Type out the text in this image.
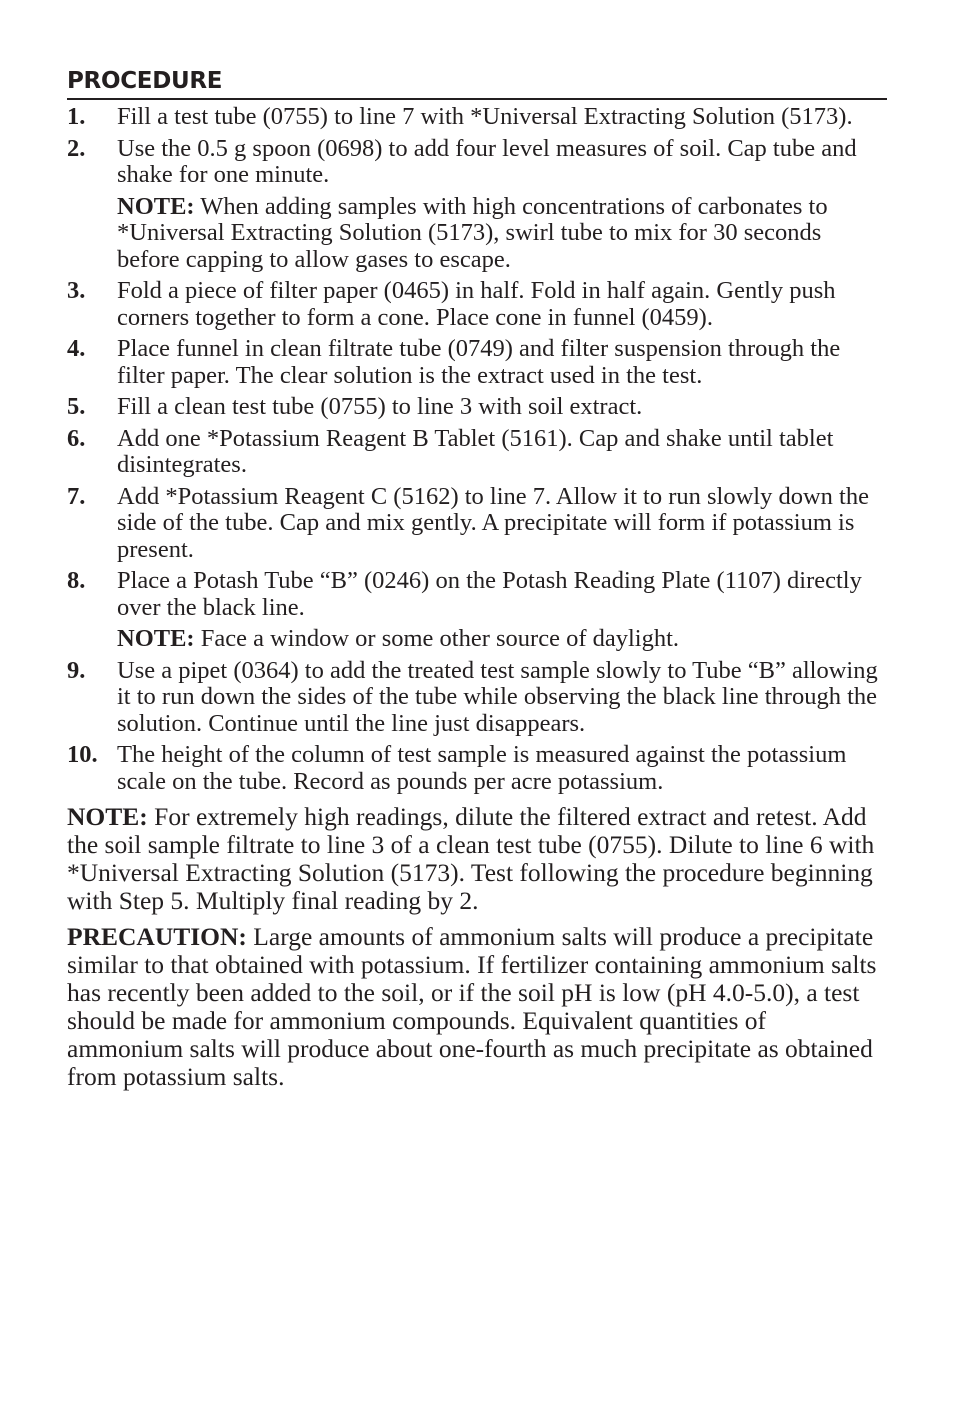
PROCEDURE
1. Fill a test tube (0755) to line 7 with *Universal Extracting Solution (5173).
2. Use the 0.5 g spoon (0698) to add four level measures of soil. Cap tube and shake for one minute.
NOTE: When adding samples with high concentrations of carbonates to *Universal Extracting Solution (5173), swirl tube to mix for 30 seconds before capping to allow gases to escape.
3. Fold a piece of filter paper (0465) in half. Fold in half again. Gently push corners together to form a cone. Place cone in funnel (0459).
4. Place funnel in clean filtrate tube (0749) and filter suspension through the filter paper. The clear solution is the extract used in the test.
5. Fill a clean test tube (0755) to line 3 with soil extract.
6. Add one *Potassium Reagent B Tablet (5161). Cap and shake until tablet disintegrates.
7. Add *Potassium Reagent C (5162) to line 7. Allow it to run slowly down the side of the tube. Cap and mix gently. A precipitate will form if potassium is present.
8. Place a Potash Tube “B” (0246) on the Potash Reading Plate (1107) directly over the black line.
NOTE: Face a window or some other source of daylight.
9. Use a pipet (0364) to add the treated test sample slowly to Tube “B” allowing it to run down the sides of the tube while observing the black line through the solution. Continue until the line just disappears.
10. The height of the column of test sample is measured against the potassium scale on the tube. Record as pounds per acre potassium.

NOTE: For extremely high readings, dilute the filtered extract and retest. Add the soil sample filtrate to line 3 of a clean test tube (0755). Dilute to line 6 with *Universal Extracting Solution (5173). Test following the procedure beginning with Step 5. Multiply final reading by 2.

PRECAUTION: Large amounts of ammonium salts will produce a precipitate similar to that obtained with potassium. If fertilizer containing ammonium salts has recently been added to the soil, or if the soil pH is low (pH 4.0-5.0), a test should be made for ammonium compounds. Equivalent quantities of ammonium salts will produce about one-fourth as much precipitate as obtained from potassium salts.
